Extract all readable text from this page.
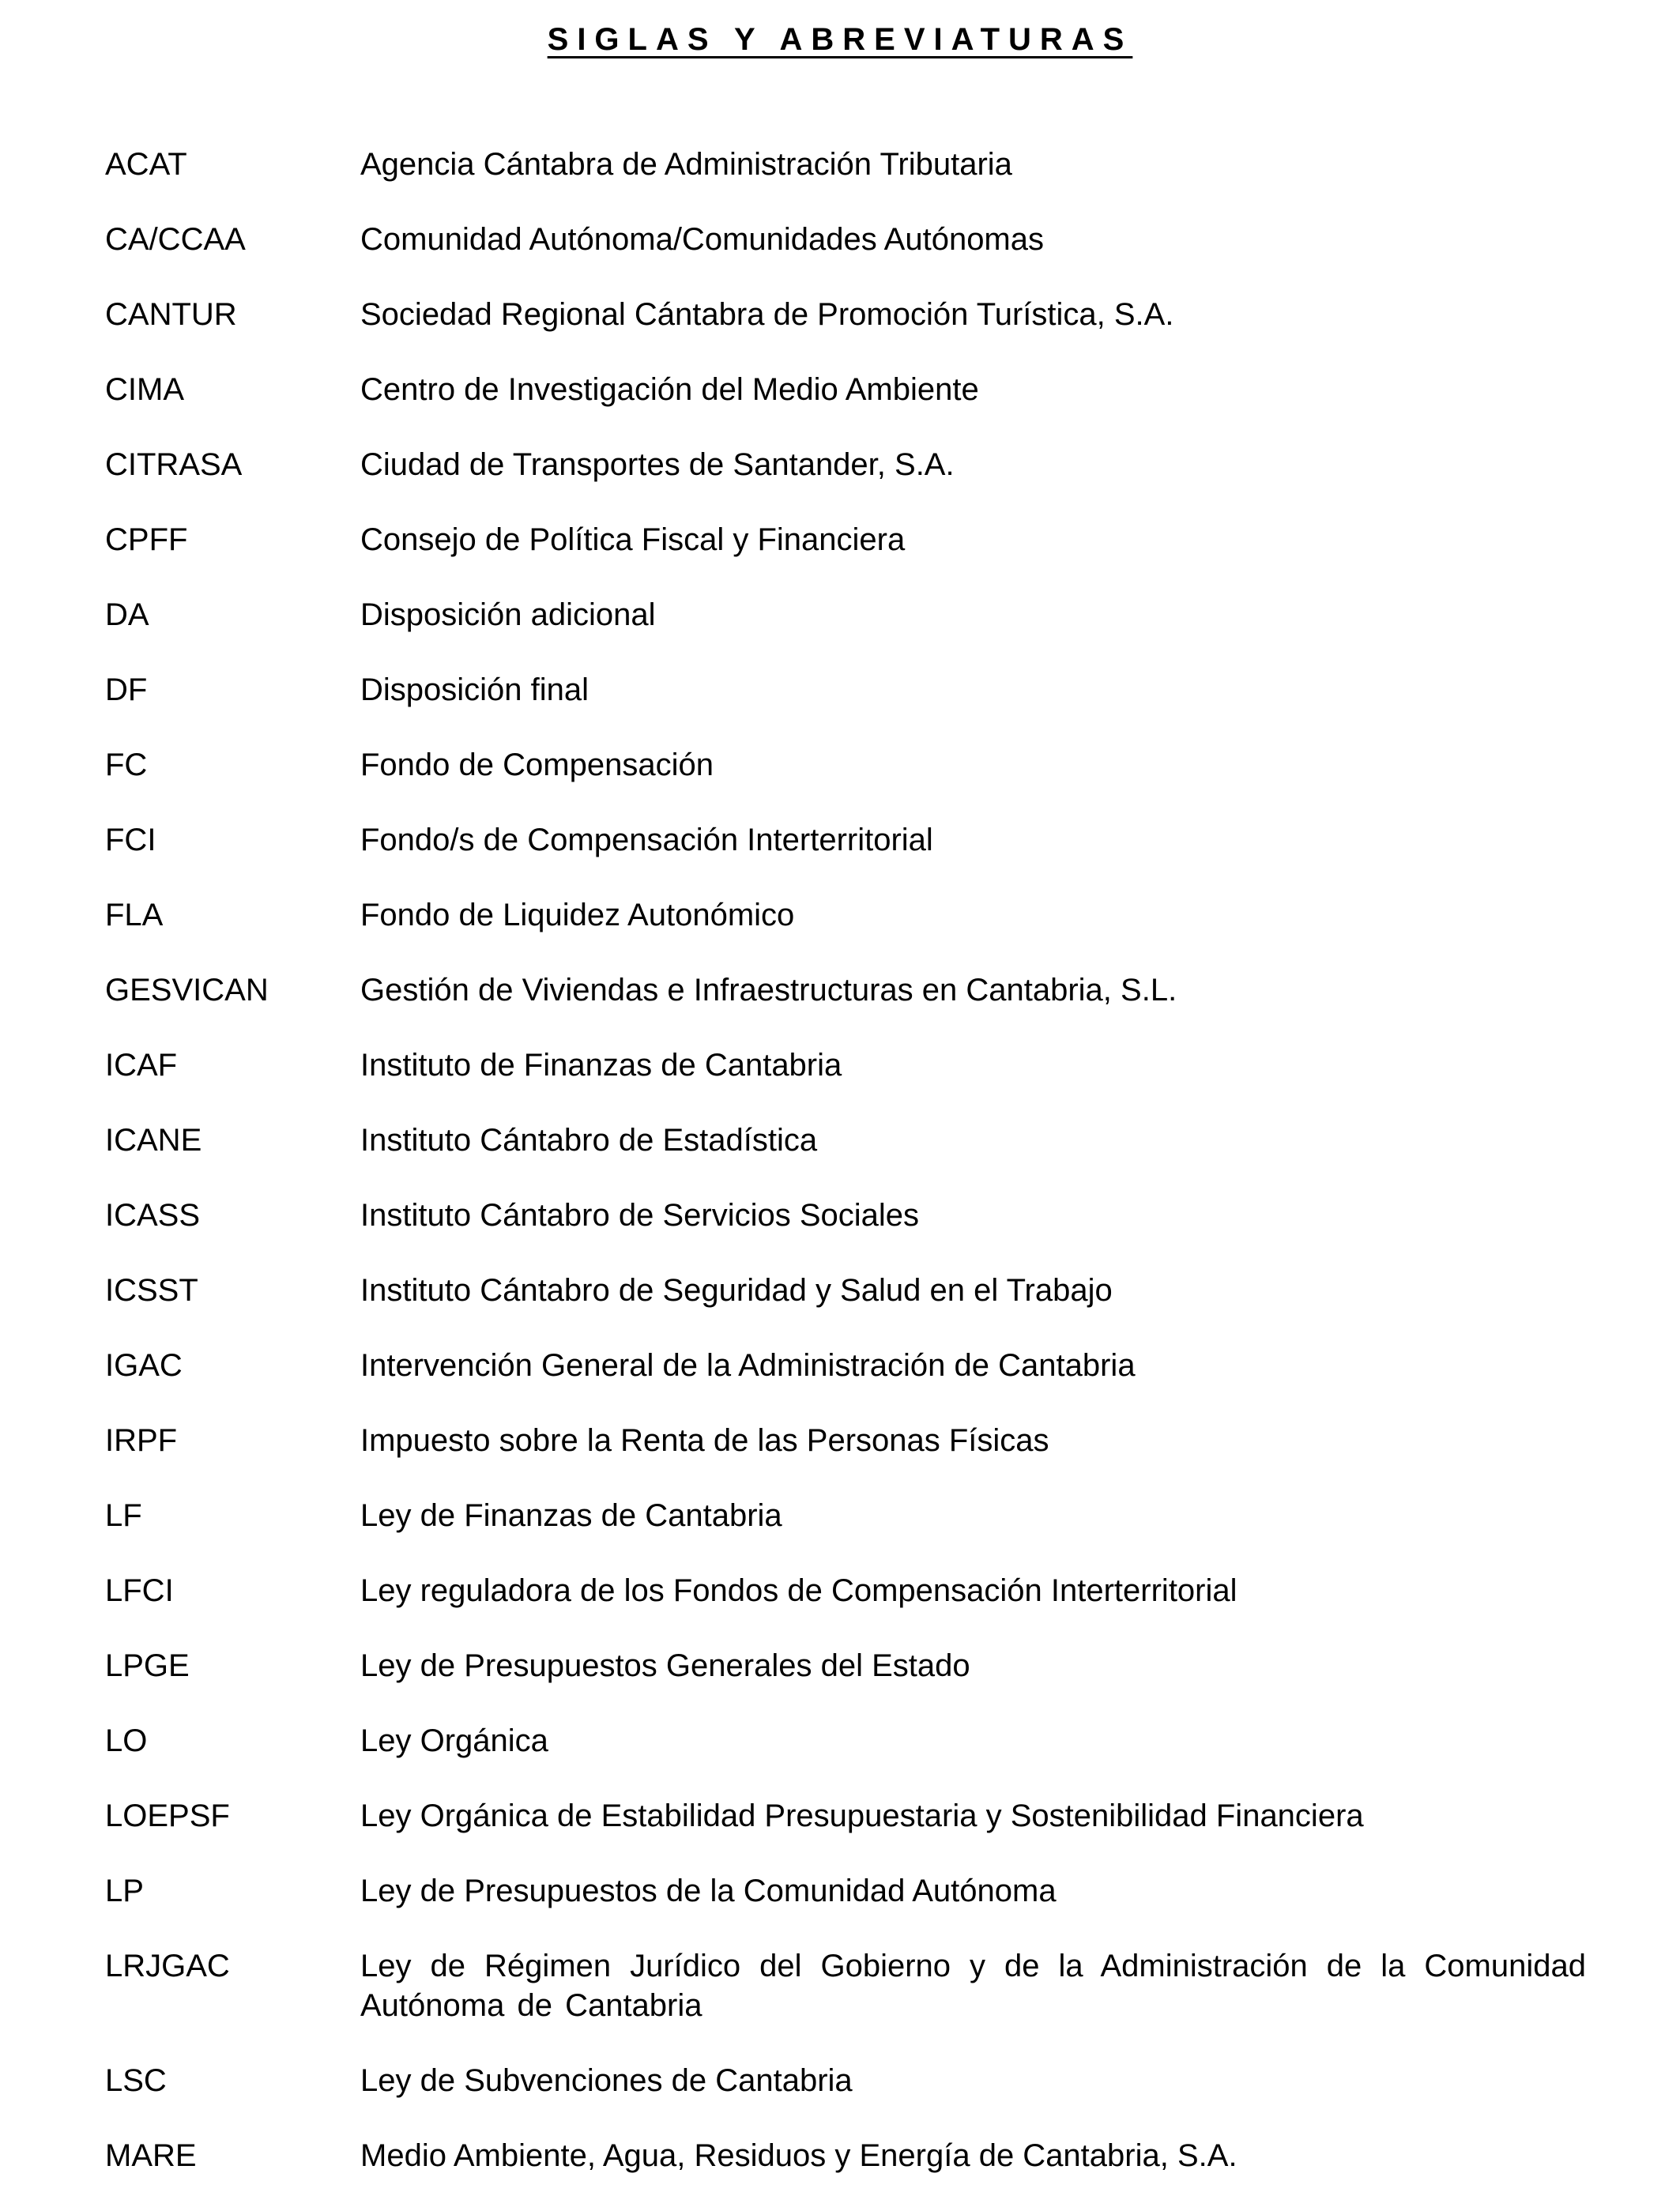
SIGLAS Y ABREVIATURAS
ACAT	Agencia Cántabra de Administración Tributaria
CA/CCAA	Comunidad Autónoma/Comunidades Autónomas
CANTUR	Sociedad Regional Cántabra de Promoción Turística, S.A.
CIMA	Centro de Investigación del Medio Ambiente
CITRASA	Ciudad de Transportes de Santander, S.A.
CPFF	Consejo de Política Fiscal y Financiera
DA	Disposición adicional
DF	Disposición final
FC	Fondo de Compensación
FCI	Fondo/s de Compensación Interterritorial
FLA	Fondo de Liquidez Autonómico
GESVICAN	Gestión de Viviendas e Infraestructuras en Cantabria, S.L.
ICAF	Instituto de Finanzas de Cantabria
ICANE	Instituto Cántabro de Estadística
ICASS	Instituto Cántabro de Servicios Sociales
ICSST	Instituto Cántabro de Seguridad y Salud en el Trabajo
IGAC	Intervención General de la Administración de Cantabria
IRPF	Impuesto sobre la Renta de las Personas Físicas
LF	Ley de Finanzas de Cantabria
LFCI	Ley reguladora de los Fondos de Compensación Interterritorial
LPGE	Ley de Presupuestos Generales del Estado
LO	Ley Orgánica
LOEPSF	Ley Orgánica de Estabilidad Presupuestaria y Sostenibilidad Financiera
LP	Ley de Presupuestos de la Comunidad Autónoma
LRJGAC	Ley de Régimen Jurídico del Gobierno y de la Administración de la Comunidad Autónoma de Cantabria
LSC	Ley de Subvenciones de Cantabria
MARE	Medio Ambiente, Agua, Residuos y Energía de Cantabria, S.A.
